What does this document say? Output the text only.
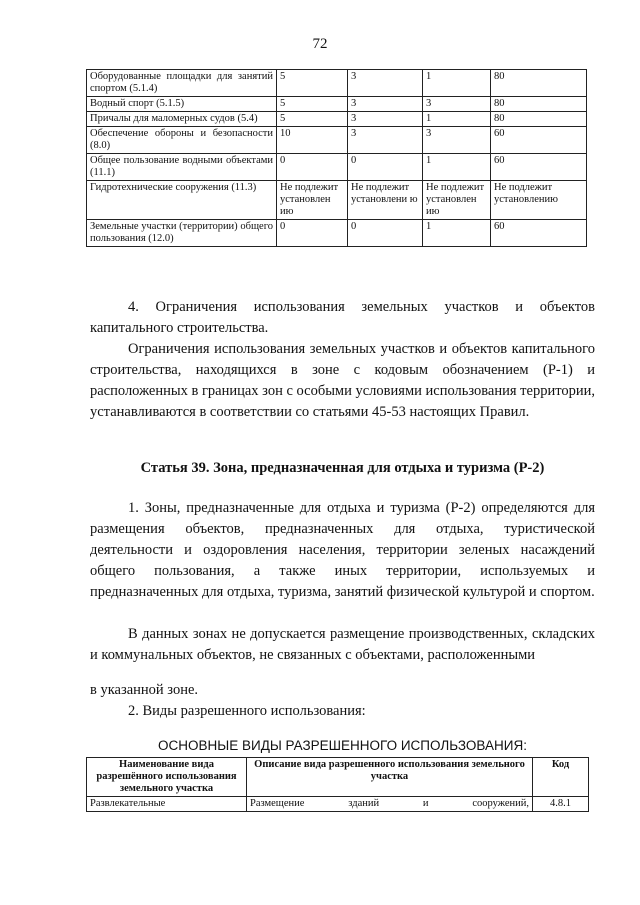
72
Оборудованные площадки для занятий спортом (5.1.4)	5	3	1	80
Водный спорт (5.1.5)	5	3	3	80
Причалы для маломерных судов (5.4)	5	3	1	80
Обеспечение обороны и безопасности (8.0)	10	3	3	60
Общее пользование водными объектами (11.1)	0	0	1	60
Гидротехнические сооружения (11.3)	Не подлежит установлен ию	Не подлежит установлени ю	Не подлежит установлен ию	Не подлежит установлению
Земельные участки (территории) общего пользования (12.0)	0	0	1	60

4. Ограничения использования земельных участков и объектов капитального строительства.

Ограничения использования земельных участков и объектов капитального строительства, находящихся в зоне с кодовым обозначением (Р-1) и расположенных в границах зон с особыми условиями использования территории, устанавливаются в соответствии со статьями 45-53 настоящих Правил.

Статья 39. Зона, предназначенная для отдыха и туризма (Р-2)

1. Зоны, предназначенные для отдыха и туризма (Р-2) определяются для размещения объектов, предназначенных для отдыха, туристической деятельности и оздоровления населения, территории зеленых насаждений общего пользования, а также иных территории, используемых и предназначенных для отдыха, туризма, занятий физической культурой и спортом.

В данных зонах не допускается размещение производственных, складских и коммунальных объектов, не связанных с объектами, расположенными

в указанной зоне.

2. Виды разрешенного использования:

ОСНОВНЫЕ ВИДЫ РАЗРЕШЕННОГО ИСПОЛЬЗОВАНИЯ:
Наименование вида разрешённого использования земельного участка	Описание вида разрешенного использования земельного участка	Код
Развлекательные	Размещение зданий и сооружений,	4.8.1
